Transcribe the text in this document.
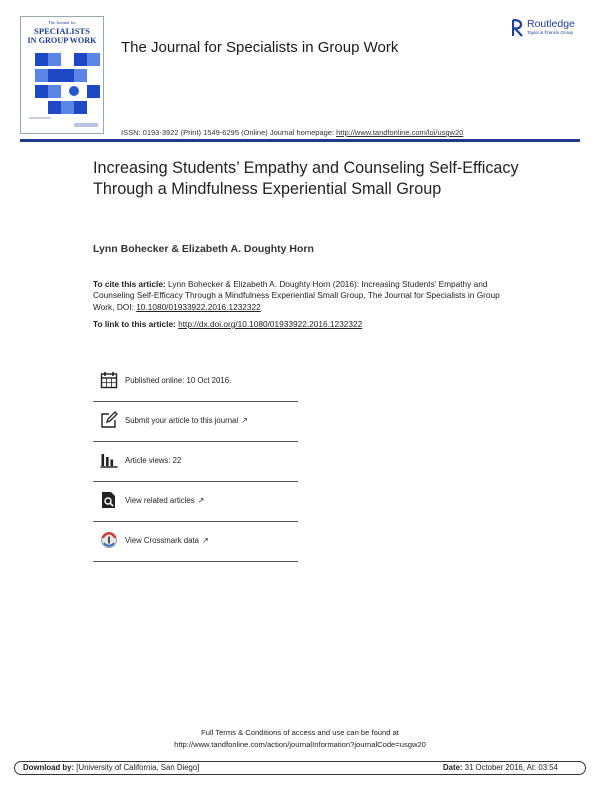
The Journal for
SPECIALISTS
IN GROUP WORK	The Journal for Specialists in Group Work
ISSN: 0193-3922 (Print) 1549-6295 (Online) Journal homepage: http://www.tandfonline.com/loi/usgw20
Routledge
Taylor & Francis Group
Increasing Students’ Empathy and Counseling Self-Efficacy Through a Mindfulness Experiential Small Group
Lynn Bohecker & Elizabeth A. Doughty Horn
To cite this article: Lynn Bohecker & Elizabeth A. Doughty Horn (2016): Increasing Students’ Empathy and Counseling Self-Efficacy Through a Mindfulness Experiential Small Group, The Journal for Specialists in Group Work, DOI: 10.1080/01933922.2016.1232322
To link to this article: http://dx.doi.org/10.1080/01933922.2016.1232322
Published online: 10 Oct 2016.
Submit your article to this journal ↗
Article views: 22
View related articles ↗
View Crossmark data ↗
Full Terms & Conditions of access and use can be found at
http://www.tandfonline.com/action/journalInformation?journalCode=usgw20
Download by: [University of California, San Diego]	Date: 31 October 2016, At: 03:54
